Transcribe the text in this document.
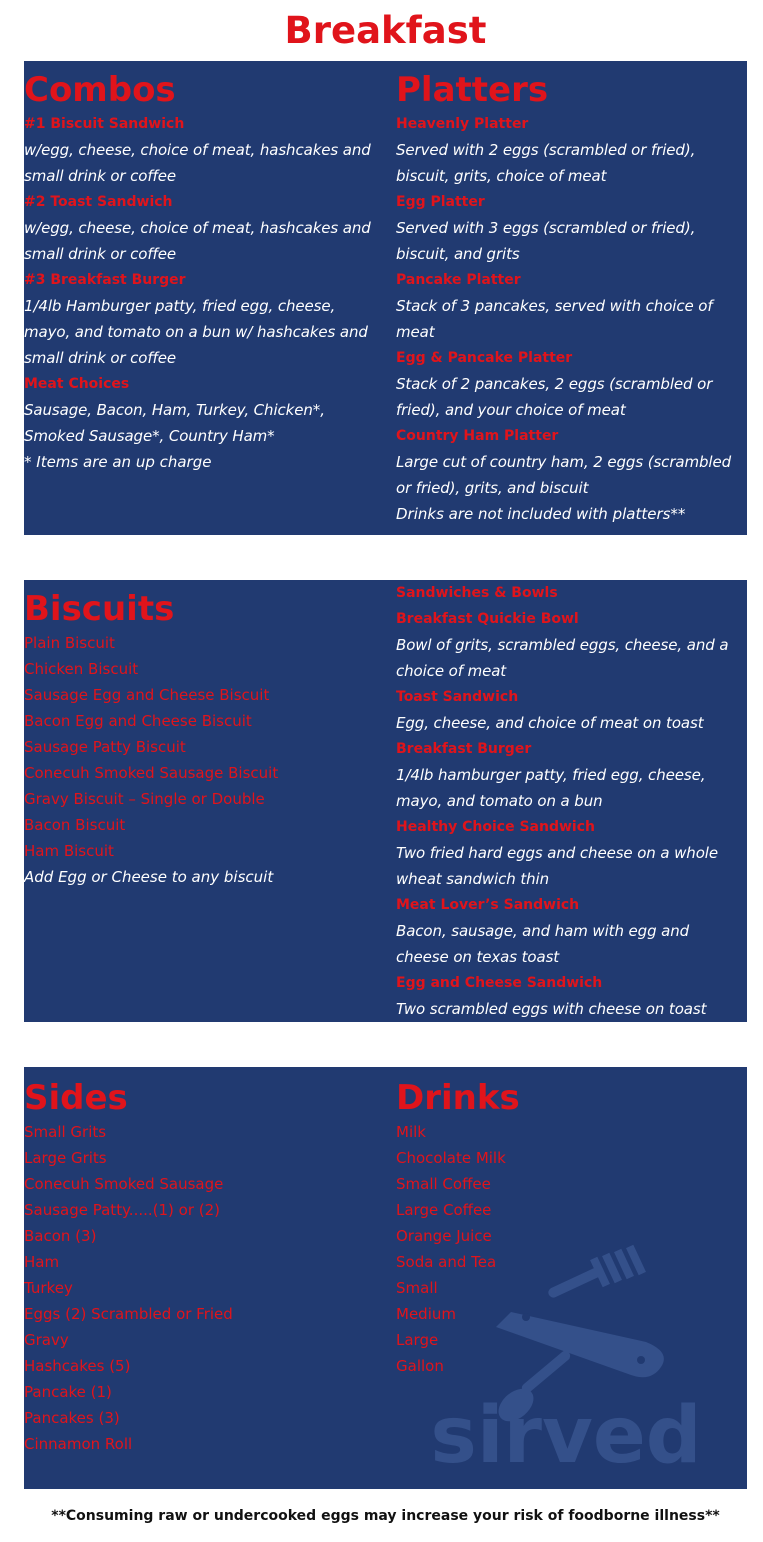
Breakfast
Combos
#1 Biscuit Sandwich
w/egg, cheese, choice of meat, hashcakes and small drink or coffee
#2 Toast Sandwich
w/egg, cheese, choice of meat, hashcakes and small drink or coffee
#3 Breakfast Burger
1/4lb Hamburger patty, fried egg, cheese, mayo, and tomato on a bun w/ hashcakes and small drink or coffee
Meat Choices
Sausage, Bacon, Ham, Turkey, Chicken*, Smoked Sausage*, Country Ham*
* Items are an up charge
Platters
Heavenly Platter
Served with 2 eggs (scrambled or fried), biscuit, grits, choice of meat
Egg Platter
Served with 3 eggs (scrambled or fried), biscuit, and grits
Pancake Platter
Stack of 3 pancakes, served with choice of meat
Egg & Pancake Platter
Stack of 2 pancakes, 2 eggs (scrambled or fried), and your choice of meat
Country Ham Platter
Large cut of country ham, 2 eggs (scrambled or fried), grits, and biscuit
Drinks are not included with platters**
Biscuits
Plain Biscuit
Chicken Biscuit
Sausage Egg and Cheese Biscuit
Bacon Egg and Cheese Biscuit
Sausage Patty Biscuit
Conecuh Smoked Sausage Biscuit
Gravy Biscuit – Single or Double
Bacon Biscuit
Ham Biscuit
Add Egg or Cheese to any biscuit
Sandwiches & Bowls
Breakfast Quickie Bowl
Bowl of grits, scrambled eggs, cheese, and a choice of meat
Toast Sandwich
Egg, cheese, and choice of meat on toast
Breakfast Burger
1/4lb hamburger patty, fried egg, cheese, mayo, and tomato on a bun
Healthy Choice Sandwich
Two fried hard eggs and cheese on a whole wheat sandwich thin
Meat Lover’s Sandwich
Bacon, sausage, and ham with egg and cheese on texas toast
Egg and Cheese Sandwich
Two scrambled eggs with cheese on toast
sirved
Sides
Small Grits
Large Grits
Conecuh Smoked Sausage
Sausage Patty.....(1) or (2)
Bacon (3)
Ham
Turkey
Eggs (2) Scrambled or Fried
Gravy
Hashcakes (5)
Pancake (1)
Pancakes (3)
Cinnamon Roll
Drinks
Milk
Chocolate Milk
Small Coffee
Large Coffee
Orange Juice
Soda and Tea
Small
Medium
Large
Gallon
**Consuming raw or undercooked eggs may increase your risk of foodborne illness**
